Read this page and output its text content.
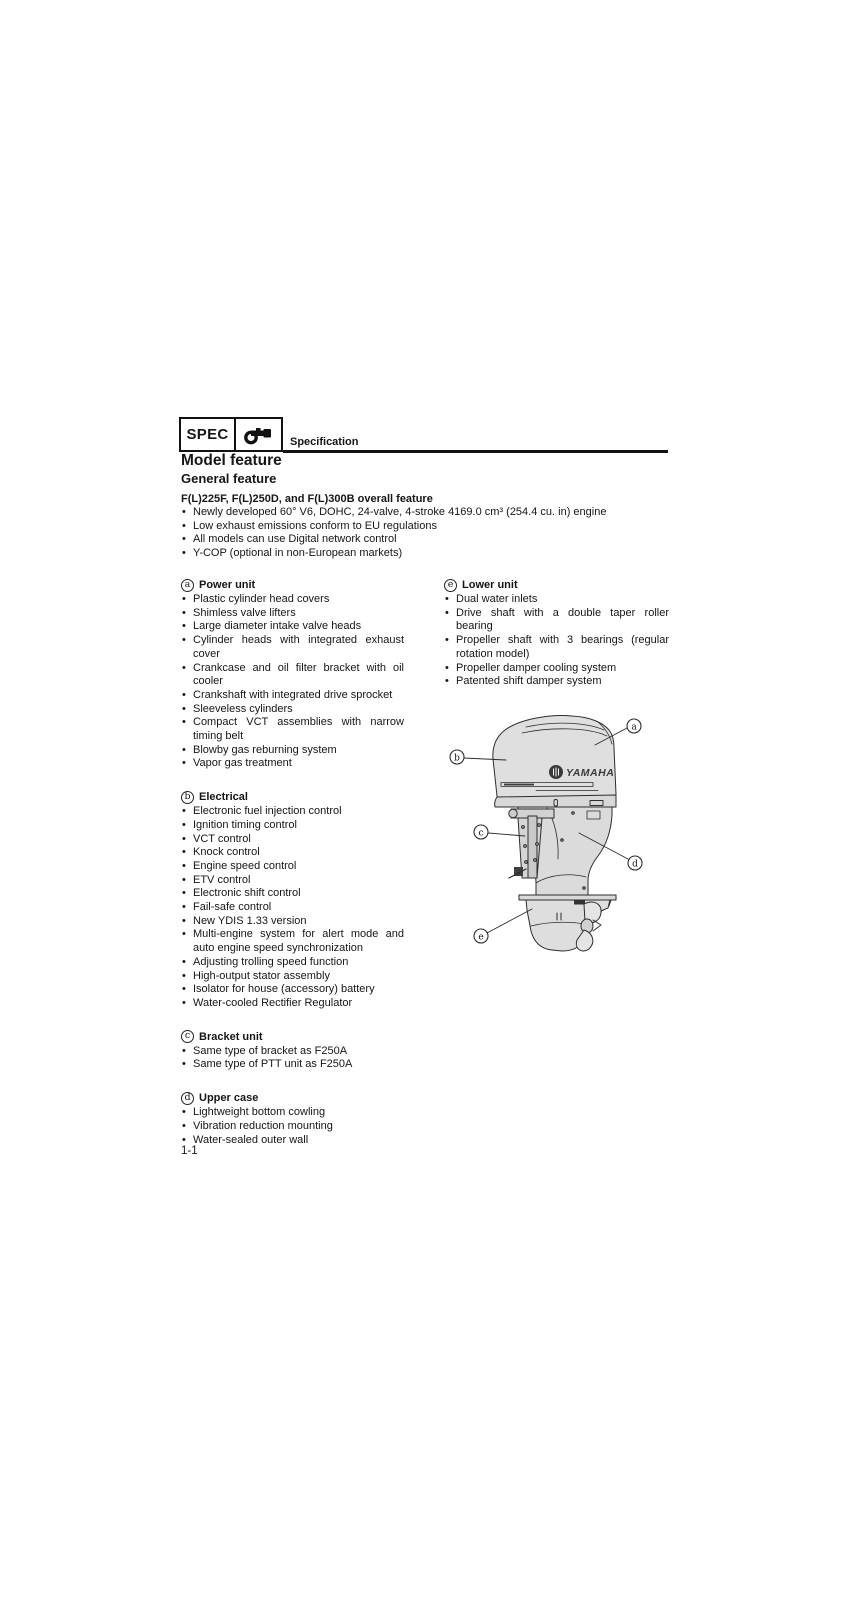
SPEC	Specification
Model feature
General feature
F(L)225F, F(L)250D, and F(L)300B overall feature
• Newly developed 60° V6, DOHC, 24-valve, 4-stroke 4169.0 cm³ (254.4 cu. in) engine
• Low exhaust emissions conform to EU regulations
• All models can use Digital network control
• Y-COP (optional in non-European markets)
a Power unit
• Plastic cylinder head covers
• Shimless valve lifters
• Large diameter intake valve heads
• Cylinder heads with integrated exhaust cover
• Crankcase and oil filter bracket with oil cooler
• Crankshaft with integrated drive sprocket
• Sleeveless cylinders
• Compact VCT assemblies with narrow timing belt
• Blowby gas reburning system
• Vapor gas treatment
b Electrical
• Electronic fuel injection control
• Ignition timing control
• VCT control
• Knock control
• Engine speed control
• ETV control
• Electronic shift control
• Fail-safe control
• New YDIS 1.33 version
• Multi-engine system for alert mode and auto engine speed synchronization
• Adjusting trolling speed function
• High-output stator assembly
• Isolator for house (accessory) battery
• Water-cooled Rectifier Regulator
c Bracket unit
• Same type of bracket as F250A
• Same type of PTT unit as F250A
d Upper case
• Lightweight bottom cowling
• Vibration reduction mounting
• Water-sealed outer wall
e Lower unit
• Dual water inlets
• Drive shaft with a double taper roller bearing
• Propeller shaft with 3 bearings (regular rotation model)
• Propeller damper cooling system
• Patented shift damper system
YAMAHA
a
b
c
d
e
1-1
